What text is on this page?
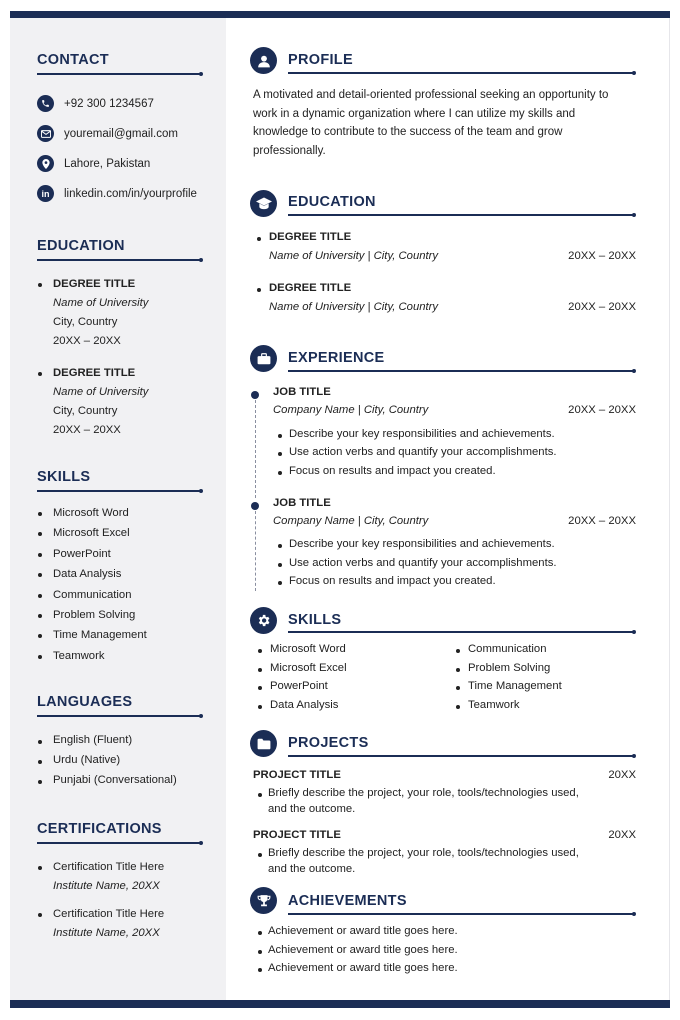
CONTACT
+92 300 1234567
youremail@gmail.com
Lahore, Pakistan
in	linkedin.com/in/yourprofile
EDUCATION
DEGREE TITLE
Name of University
City, Country
20XX – 20XX
DEGREE TITLE
Name of University
City, Country
20XX – 20XX
SKILLS
Microsoft Word
Microsoft Excel
PowerPoint
Data Analysis
Communication
Problem Solving
Time Management
Teamwork
LANGUAGES
English (Fluent)
Urdu (Native)
Punjabi (Conversational)
CERTIFICATIONS
Certification Title Here
Institute Name, 20XX
Certification Title Here
Institute Name, 20XX
PROFILE
A motivated and detail-oriented professional seeking an opportunity to work in a dynamic organization where I can utilize my skills and knowledge to contribute to the success of the team and grow professionally.
EDUCATION
DEGREE TITLE
Name of University | City, Country	20XX – 20XX
DEGREE TITLE
Name of University | City, Country	20XX – 20XX
EXPERIENCE
JOB TITLE
Company Name | City, Country	20XX – 20XX
Describe your key responsibilities and achievements.
Use action verbs and quantify your accomplishments.
Focus on results and impact you created.
JOB TITLE
Company Name | City, Country	20XX – 20XX
Describe your key responsibilities and achievements.
Use action verbs and quantify your accomplishments.
Focus on results and impact you created.
SKILLS
Microsoft Word
Microsoft Excel
PowerPoint
Data Analysis
Communication
Problem Solving
Time Management
Teamwork
PROJECTS
PROJECT TITLE	20XX
Briefly describe the project, your role, tools/technologies used,
and the outcome.
PROJECT TITLE	20XX
Briefly describe the project, your role, tools/technologies used,
and the outcome.
ACHIEVEMENTS
Achievement or award title goes here.
Achievement or award title goes here.
Achievement or award title goes here.
